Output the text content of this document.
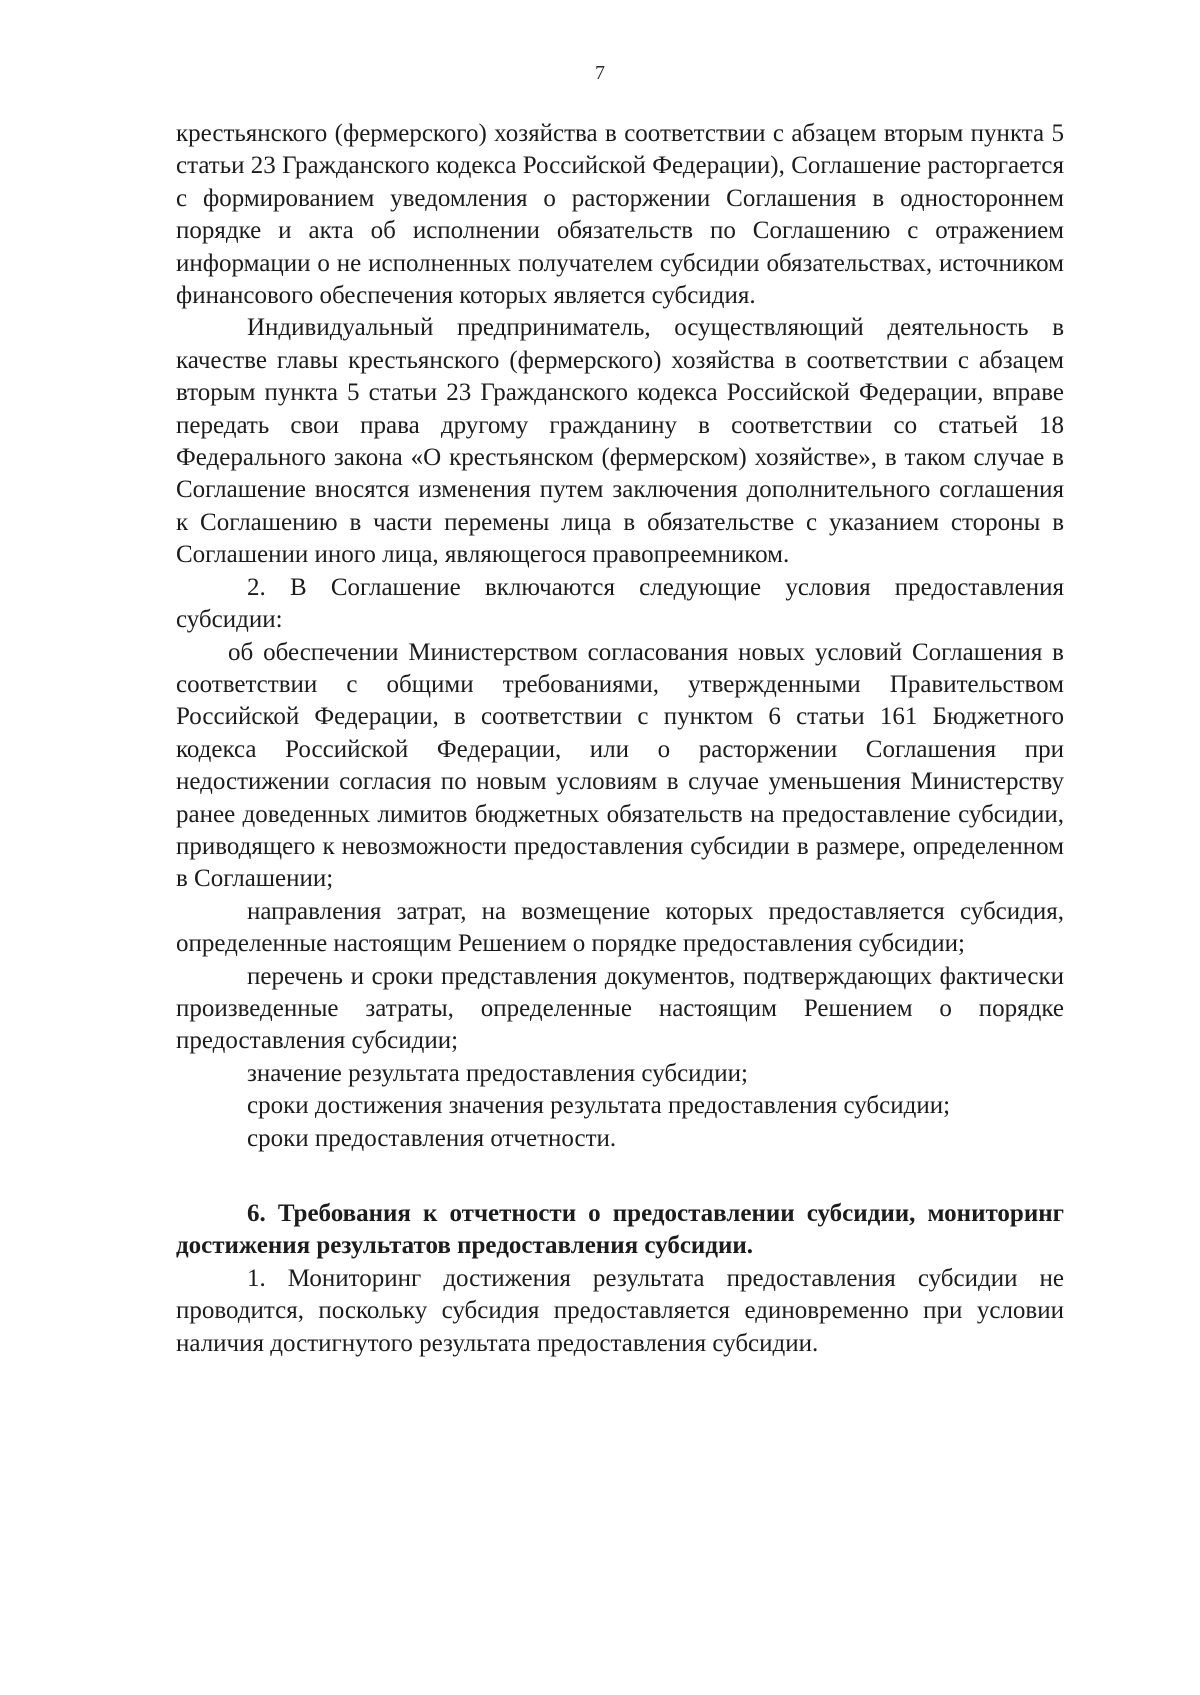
7

крестьянского (фермерского) хозяйства в соответствии с абзацем вторым пункта 5 статьи 23 Гражданского кодекса Российской Федерации), Соглашение расторгается с формированием уведомления о расторжении Соглашения в одностороннем порядке и акта об исполнении обязательств по Соглашению с отражением информации о не исполненных получателем субсидии обязательствах, источником финансового обеспечения которых является субсидия.

Индивидуальный предприниматель, осуществляющий деятельность в качестве главы крестьянского (фермерского) хозяйства в соответствии с абзацем вторым пункта 5 статьи 23 Гражданского кодекса Российской Федерации, вправе передать свои права другому гражданину в соответствии со статьей 18 Федерального закона «О крестьянском (фермерском) хозяйстве», в таком случае в Соглашение вносятся изменения путем заключения дополнительного соглашения к Соглашению в части перемены лица в обязательстве с указанием стороны в Соглашении иного лица, являющегося правопреемником.

2. В Соглашение включаются следующие условия предоставления субсидии:

об обеспечении Министерством согласования новых условий Соглашения в соответствии с общими требованиями, утвержденными Правительством Российской Федерации, в соответствии с пунктом 6 статьи 161 Бюджетного кодекса Российской Федерации, или о расторжении Соглашения при недостижении согласия по новым условиям в случае уменьшения Министерству ранее доведенных лимитов бюджетных обязательств на предоставление субсидии, приводящего к невозможности предоставления субсидии в размере, определенном в Соглашении;

направления затрат, на возмещение которых предоставляется субсидия, определенные настоящим Решением о порядке предоставления субсидии;

перечень и сроки представления документов, подтверждающих фактически произведенные затраты, определенные настоящим Решением о порядке предоставления субсидии;

значение результата предоставления субсидии;

сроки достижения значения результата предоставления субсидии;

сроки предоставления отчетности.

6. Требования к отчетности о предоставлении субсидии, мониторинг достижения результатов предоставления субсидии.

1. Мониторинг достижения результата предоставления субсидии не проводится, поскольку субсидия предоставляется единовременно при условии наличия достигнутого результата предоставления субсидии.
